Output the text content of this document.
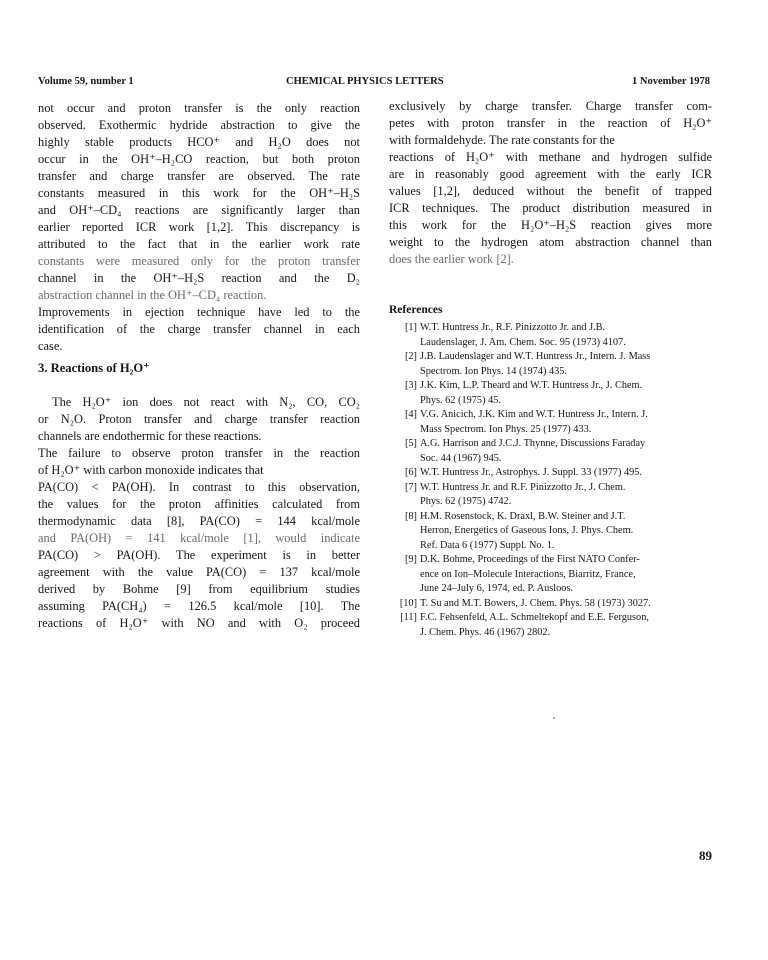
Volume 59, number 1	CHEMICAL PHYSICS LETTERS	1 November 1978
not occur and proton transfer is the only reaction
observed. Exothermic hydride abstraction to give the
highly stable products HCO⁺ and H₂O does not
occur in the OH⁺–H₂CO reaction, but both proton
transfer and charge transfer are observed. The rate
constants measured in this work for the OH⁺–H₂S
and OH⁺–CD₄ reactions are significantly larger than
earlier reported ICR work [1,2]. This discrepancy is
attributed to the fact that in the earlier work rate
constants were measured only for the proton transfer
channel in the OH⁺–H₂S reaction and the D₂
abstraction channel in the OH⁺–CD₄ reaction.
Improvements in ejection technique have led to the
identification of the charge transfer channel in each
case.
3. Reactions of H₂O⁺
The H₂O⁺ ion does not react with N₂, CO, CO₂
or N₂O. Proton transfer and charge transfer reaction
channels are endothermic for these reactions.
The failure to observe proton transfer in the reaction
of H₂O⁺ with carbon monoxide indicates that
PA(CO) < PA(OH). In contrast to this observation,
the values for the proton affinities calculated from
thermodynamic data [8], PA(CO) = 144 kcal/mole
and PA(OH) = 141 kcal/mole [1], would indicate
PA(CO) > PA(OH). The experiment is in better
agreement with the value PA(CO) = 137 kcal/mole
derived by Bohme [9] from equilibrium studies
assuming PA(CH₄) = 126.5 kcal/mole [10]. The
reactions of H₂O⁺ with NO and with O₂ proceed
exclusively by charge transfer. Charge transfer com-
petes with proton transfer in the reaction of H₂O⁺
with formaldehyde. The rate constants for the
reactions of H₂O⁺ with methane and hydrogen sulfide
are in reasonably good agreement with the early ICR
values [1,2], deduced without the benefit of trapped
ICR techniques. The product distribution measured in
this work for the H₂O⁺–H₂S reaction gives more
weight to the hydrogen atom abstraction channel than
does the earlier work [2].
References
[1] W.T. Huntress Jr., R.F. Pinizzotto Jr. and J.B.
Laudenslager, J. Am. Chem. Soc. 95 (1973) 4107.
[2] J.B. Laudenslager and W.T. Huntress Jr., Intern. J. Mass
Spectrom. Ion Phys. 14 (1974) 435.
[3] J.K. Kim, L.P. Theard and W.T. Huntress Jr., J. Chem.
Phys. 62 (1975) 45.
[4] V.G. Anicich, J.K. Kim and W.T. Huntress Jr., Intern. J.
Mass Spectrom. Ion Phys. 25 (1977) 433.
[5] A.G. Harrison and J.C.J. Thynne, Discussions Faraday
Soc. 44 (1967) 945.
[6] W.T. Huntress Jr., Astrophys. J. Suppl. 33 (1977) 495.
[7] W.T. Huntress Jr. and R.F. Pinizzotto Jr., J. Chem.
Phys. 62 (1975) 4742.
[8] H.M. Rosenstock, K. Draxl, B.W. Steiner and J.T.
Herron, Energetics of Gaseous Ions, J. Phys. Chem.
Ref. Data 6 (1977) Suppl. No. 1.
[9] D.K. Bohme, Proceedings of the First NATO Confer-
ence on Ion–Molecule Interactions, Biarritz, France,
June 24–July 6, 1974, ed. P. Ausloos.
[10] T. Su and M.T. Bowers, J. Chem. Phys. 58 (1973) 3027.
[11] F.C. Fehsenfeld, A.L. Schmeltekopf and E.E. Ferguson,
J. Chem. Phys. 46 (1967) 2802.
89
